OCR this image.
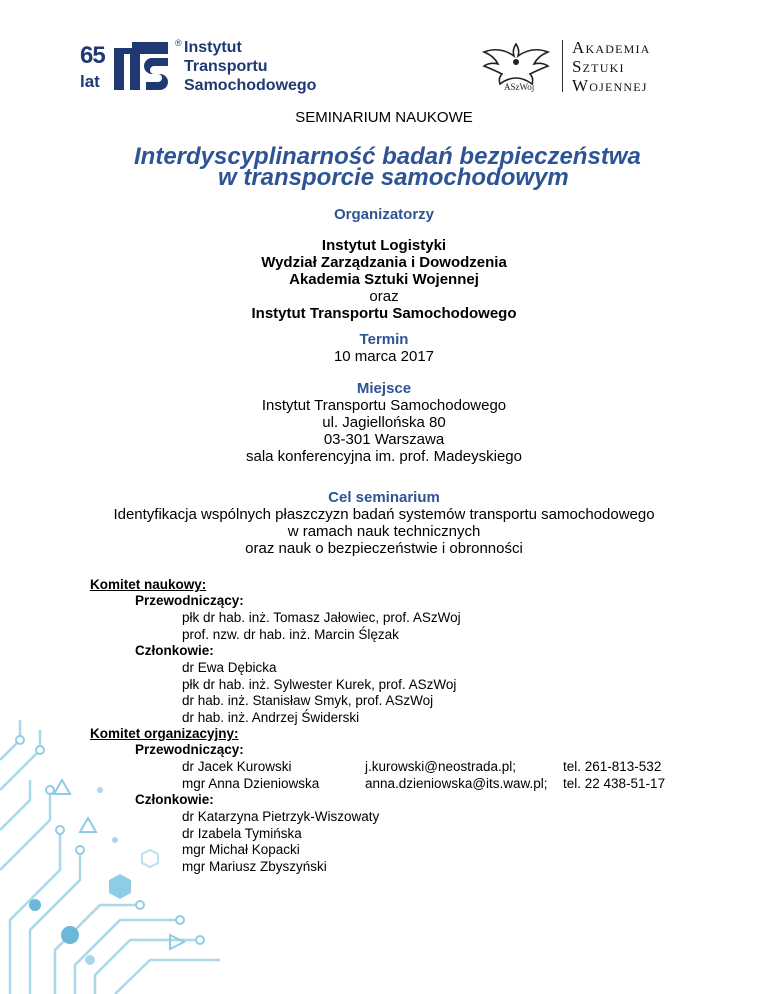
65
lat
® Instytut
Transportu
Samochodowego	ASzWoj
Akademia
Sztuki
Wojennej
SEMINARIUM NAUKOWE
Interdyscyplinarność badań bezpieczeństwa
w transporcie samochodowym
Organizatorzy
Instytut Logistyki
Wydział Zarządzania i Dowodzenia
Akademia Sztuki Wojennej
oraz
Instytut Transportu Samochodowego
Termin
10 marca 2017
Miejsce
Instytut Transportu Samochodowego
ul. Jagiellońska 80
03-301 Warszawa
sala konferencyjna im. prof. Madeyskiego
Cel seminarium
Identyfikacja wspólnych płaszczyzn badań systemów transportu samochodowego
w ramach nauk technicznych
oraz nauk o bezpieczeństwie i obronności
Komitet naukowy:
Przewodniczący:
płk dr hab. inż. Tomasz Jałowiec, prof. ASzWoj
prof. nzw. dr hab. inż. Marcin Ślęzak
Członkowie:
dr Ewa Dębicka
płk dr hab. inż. Sylwester Kurek, prof. ASzWoj
dr hab. inż. Stanisław Smyk, prof. ASzWoj
dr hab. inż. Andrzej Świderski
Komitet organizacyjny:
Przewodniczący:
dr Jacek Kurowski	j.kurowski@neostrada.pl;	tel. 261-813-532
mgr Anna Dzieniowska	anna.dzieniowska@its.waw.pl; tel. 22 438-51-17
Członkowie:
dr Katarzyna Pietrzyk-Wiszowaty
dr Izabela Tymińska
mgr Michał Kopacki
mgr Mariusz Zbyszyński
